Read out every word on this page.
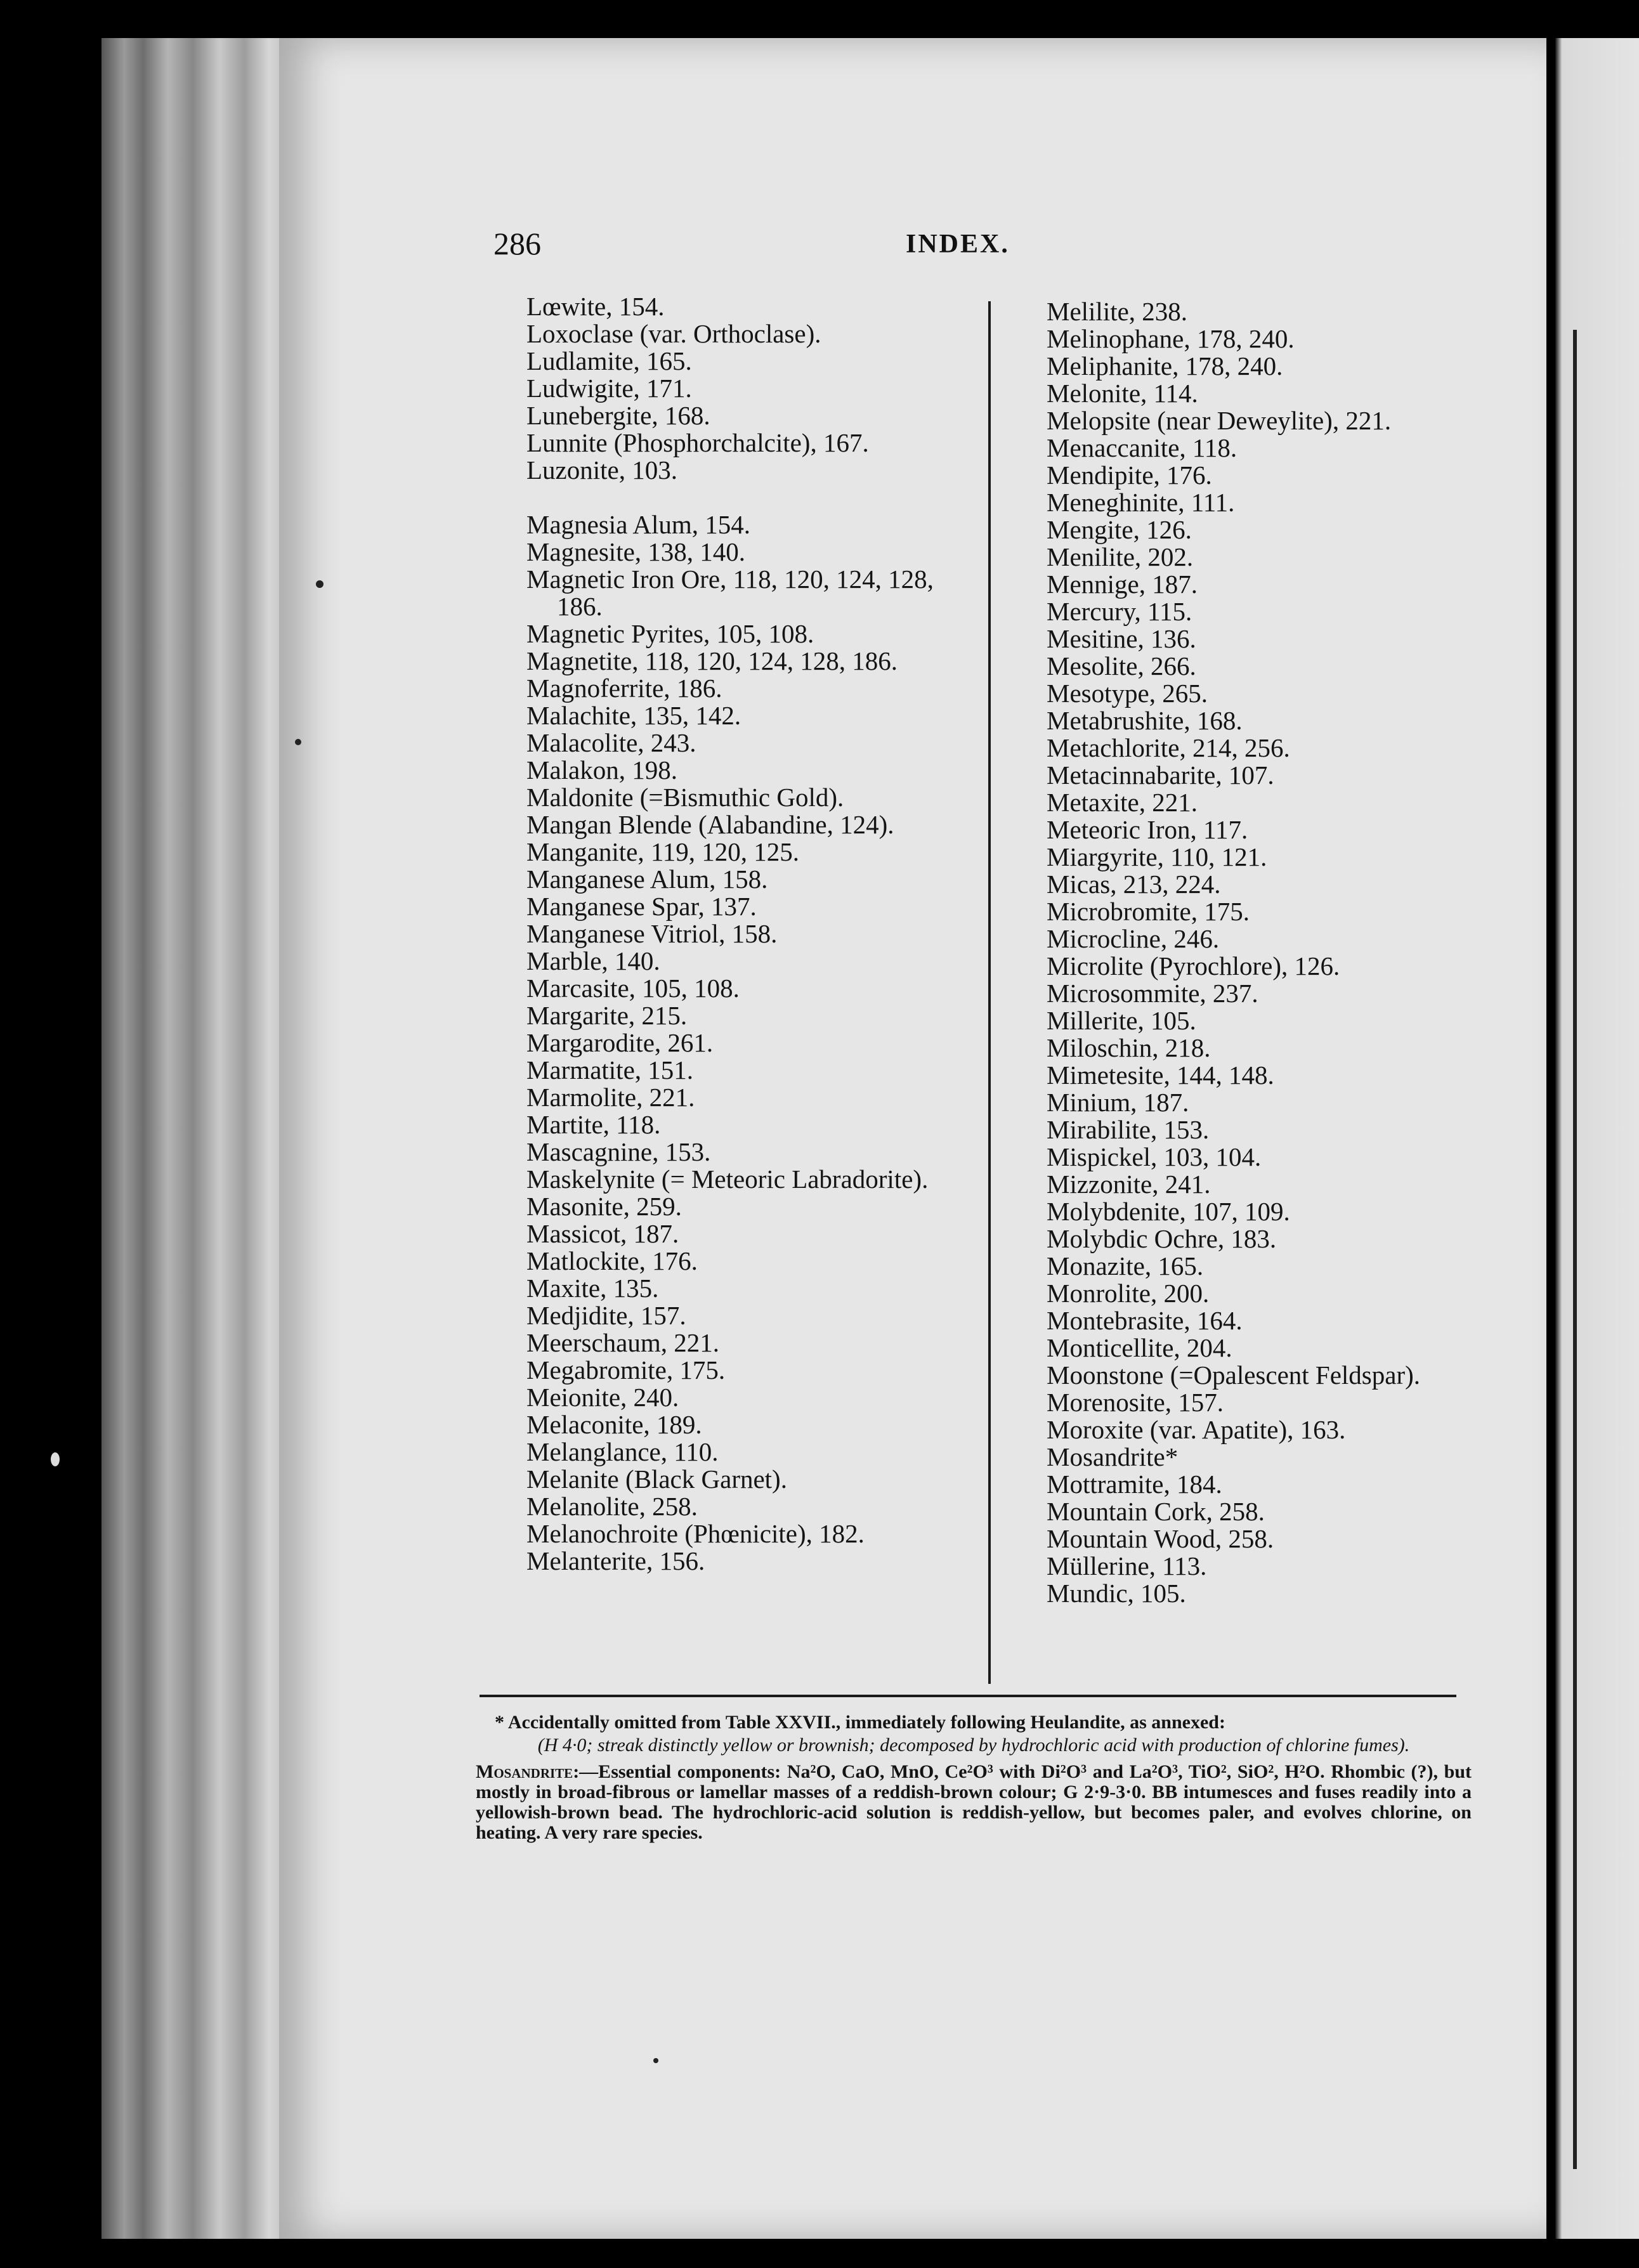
286	INDEX.
Lœwite, 154.
Loxoclase (var. Orthoclase).
Ludlamite, 165.
Ludwigite, 171.
Lunebergite, 168.
Lunnite (Phosphorchalcite), 167.
Luzonite, 103.
Magnesia Alum, 154.
Magnesite, 138, 140.
Magnetic Iron Ore, 118, 120, 124, 128, 186.
Magnetic Pyrites, 105, 108.
Magnetite, 118, 120, 124, 128, 186.
Magnoferrite, 186.
Malachite, 135, 142.
Malacolite, 243.
Malakon, 198.
Maldonite (=Bismuthic Gold).
Mangan Blende (Alabandine, 124).
Manganite, 119, 120, 125.
Manganese Alum, 158.
Manganese Spar, 137.
Manganese Vitriol, 158.
Marble, 140.
Marcasite, 105, 108.
Margarite, 215.
Margarodite, 261.
Marmatite, 151.
Marmolite, 221.
Martite, 118.
Mascagnine, 153.
Maskelynite (= Meteoric Labradorite).
Masonite, 259.
Massicot, 187.
Matlockite, 176.
Maxite, 135.
Medjidite, 157.
Meerschaum, 221.
Megabromite, 175.
Meionite, 240.
Melaconite, 189.
Melanglance, 110.
Melanite (Black Garnet).
Melanolite, 258.
Melanochroite (Phœnicite), 182.
Melanterite, 156.
Melilite, 238.
Melinophane, 178, 240.
Meliphanite, 178, 240.
Melonite, 114.
Melopsite (near Deweylite), 221.
Menaccanite, 118.
Mendipite, 176.
Meneghinite, 111.
Mengite, 126.
Menilite, 202.
Mennige, 187.
Mercury, 115.
Mesitine, 136.
Mesolite, 266.
Mesotype, 265.
Metabrushite, 168.
Metachlorite, 214, 256.
Metacinnabarite, 107.
Metaxite, 221.
Meteoric Iron, 117.
Miargyrite, 110, 121.
Micas, 213, 224.
Microbromite, 175.
Microcline, 246.
Microlite (Pyrochlore), 126.
Microsommite, 237.
Millerite, 105.
Miloschin, 218.
Mimetesite, 144, 148.
Minium, 187.
Mirabilite, 153.
Mispickel, 103, 104.
Mizzonite, 241.
Molybdenite, 107, 109.
Molybdic Ochre, 183.
Monazite, 165.
Monrolite, 200.
Montebrasite, 164.
Monticellite, 204.
Moonstone (=Opalescent Feldspar).
Morenosite, 157.
Moroxite (var. Apatite), 163.
Mosandrite*
Mottramite, 184.
Mountain Cork, 258.
Mountain Wood, 258.
Müllerine, 113.
Mundic, 105.
* Accidentally omitted from Table XXVII., immediately following Heulandite, as annexed:
(H 4·0; streak distinctly yellow or brownish; decomposed by hydrochloric acid with production of chlorine fumes).
Mosandrite:—Essential components: Na²O, CaO, MnO, Ce²O³ with Di²O³ and La²O³, TiO², SiO², H²O. Rhombic (?), but mostly in broad-fibrous or lamellar masses of a reddish-brown colour; G 2·9-3·0. BB intumesces and fuses readily into a yellowish-brown bead. The hydrochloric-acid solution is reddish-yellow, but becomes paler, and evolves chlorine, on heating. A very rare species.
